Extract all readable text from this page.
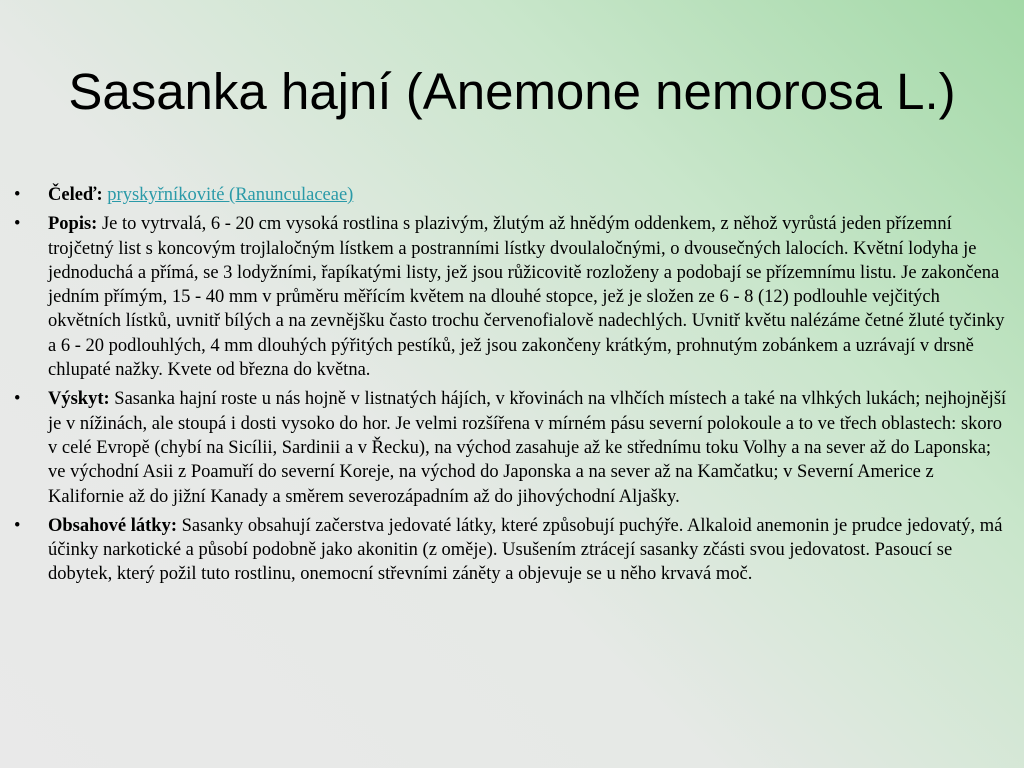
Sasanka hajní (Anemone nemorosa L.)
• Čeleď: pryskyřníkovité (Ranunculaceae)
• Popis: Je to vytrvalá, 6 - 20 cm vysoká rostlina s plazivým, žlutým až hnědým oddenkem, z něhož vyrůstá jeden přízemní trojčetný list s koncovým trojlaločným lístkem a postranními lístky dvoulaločnými, o dvousečných lalocích. Květní lodyha je jednoduchá a přímá, se 3 lodyžními, řapíkatými listy, jež jsou růžicovitě rozloženy a podobají se přízemnímu listu. Je zakončena jedním přímým, 15 - 40 mm v průměru měřícím květem na dlouhé stopce, jež je složen ze 6 - 8 (12) podlouhle vejčitých okvětních lístků, uvnitř bílých a na zevnějšku často trochu červenofialově nadechlých. Uvnitř květu nalézáme četné žluté tyčinky a 6 - 20 podlouhlých, 4 mm dlouhých pýřitých pestíků, jež jsou zakončeny krátkým, prohnutým zobánkem a uzrávají v drsně chlupaté nažky. Kvete od března do května.
• Výskyt: Sasanka hajní roste u nás hojně v listnatých hájích, v křovinách na vlhčích místech a také na vlhkých lukách; nejhojnější je v nížinách, ale stoupá i dosti vysoko do hor. Je velmi rozšířena v mírném pásu severní polokoule a to ve třech oblastech: skoro v celé Evropě (chybí na Sicílii, Sardinii a v Řecku), na východ zasahuje až ke střednímu toku Volhy a na sever až do Laponska; ve východní Asii z Poamuří do severní Koreje, na východ do Japonska a na sever až na Kamčatku; v Severní Americe z Kalifornie až do jižní Kanady a směrem severozápadním až do jihovýchodní Aljašky.
• Obsahové látky: Sasanky obsahují začerstva jedovaté látky, které způsobují puchýře. Alkaloid anemonin je prudce jedovatý, má účinky narkotické a působí podobně jako akonitin (z oměje). Usušením ztrácejí sasanky zčásti svou jedovatost. Pasoucí se dobytek, který požil tuto rostlinu, onemocní střevními záněty a objevuje se u něho krvavá moč.
